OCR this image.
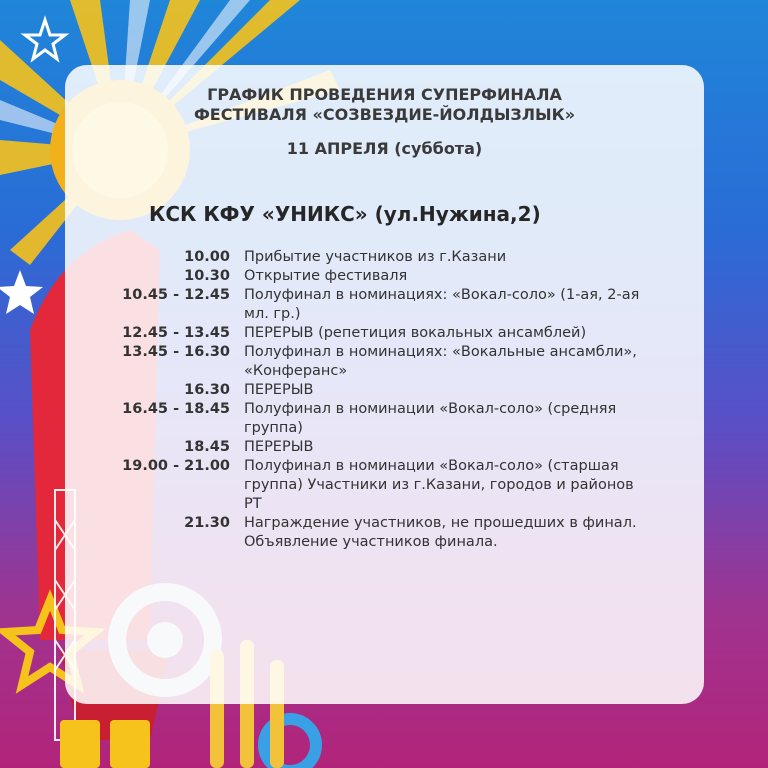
ГРАФИК ПРОВЕДЕНИЯ СУПЕРФИНАЛА
ФЕСТИВАЛЯ «СОЗВЕЗДИЕ-ЙОЛДЫЗЛЫК»
11 АПРЕЛЯ (суббота)
КСК КФУ «УНИКС» (ул.Нужина,2)
10.00 Прибытие участников из г.Казани
10.30 Открытие фестиваля
10.45 - 12.45 Полуфинал в номинациях: «Вокал-соло» (1-ая, 2-ая мл. гр.)
12.45 - 13.45 ПЕРЕРЫВ (репетиция вокальных ансамблей)
13.45 - 16.30 Полуфинал в номинациях: «Вокальные ансамбли», «Конферанс»
16.30 ПЕРЕРЫВ
16.45 - 18.45 Полуфинал в номинации «Вокал-соло» (средняя группа)
18.45 ПЕРЕРЫВ
19.00 - 21.00 Полуфинал в номинации «Вокал-соло» (старшая группа) Участники из г.Казани, городов и районов РТ
21.30 Награждение участников, не прошедших в финал. Объявление участников финала.
